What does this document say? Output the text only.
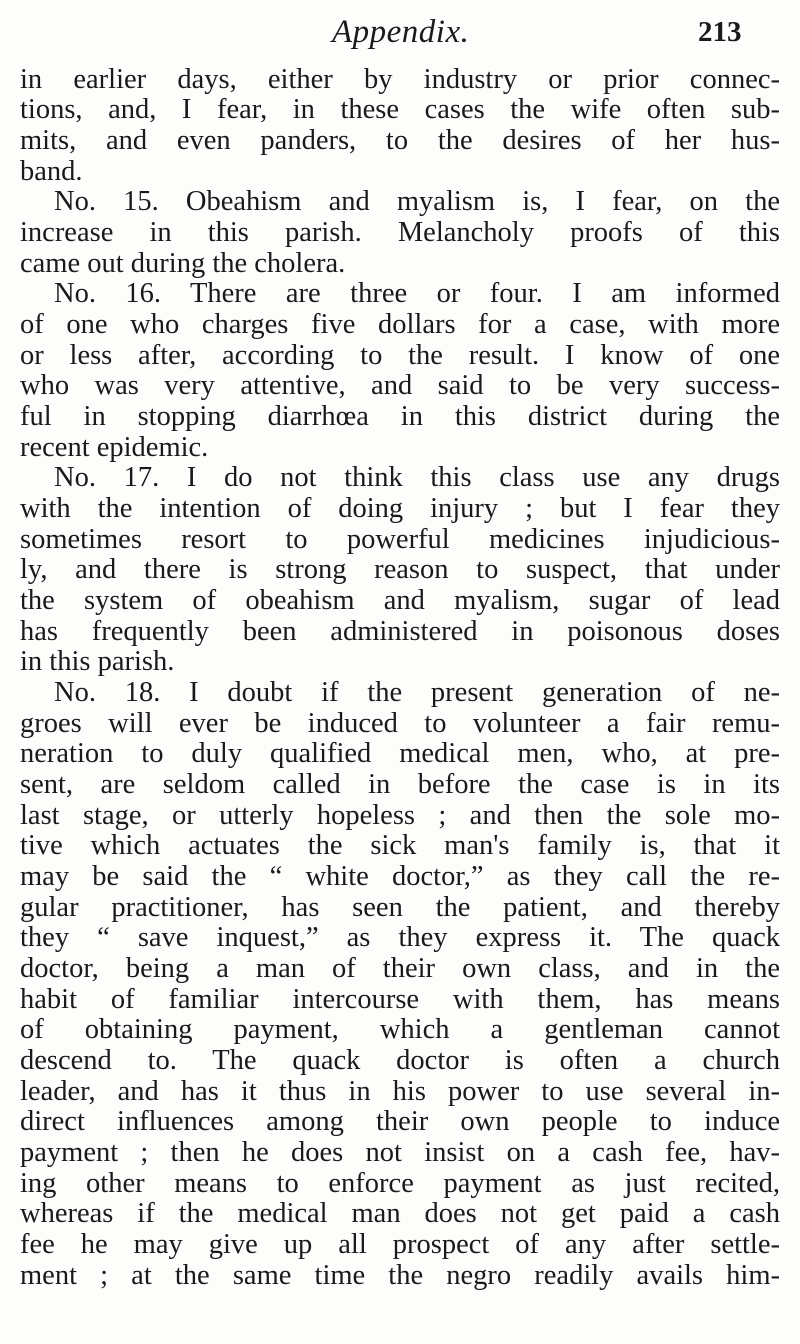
Appendix.	213
in earlier days, either by industry or prior connec-
tions, and, I fear, in these cases the wife often sub-
mits, and even panders, to the desires of her hus-
band.
No. 15. Obeahism and myalism is, I fear, on the
increase in this parish. Melancholy proofs of this
came out during the cholera.
No. 16. There are three or four. I am informed
of one who charges five dollars for a case, with more
or less after, according to the result. I know of one
who was very attentive, and said to be very success-
ful in stopping diarrhœa in this district during the
recent epidemic.
No. 17. I do not think this class use any drugs
with the intention of doing injury ; but I fear they
sometimes resort to powerful medicines injudicious-
ly, and there is strong reason to suspect, that under
the system of obeahism and myalism, sugar of lead
has frequently been administered in poisonous doses
in this parish.
No. 18. I doubt if the present generation of ne-
groes will ever be induced to volunteer a fair remu-
neration to duly qualified medical men, who, at pre-
sent, are seldom called in before the case is in its
last stage, or utterly hopeless ; and then the sole mo-
tive which actuates the sick man's family is, that it
may be said the “ white doctor,” as they call the re-
gular practitioner, has seen the patient, and thereby
they “ save inquest,” as they express it. The quack
doctor, being a man of their own class, and in the
habit of familiar intercourse with them, has means
of obtaining payment, which a gentleman cannot
descend to. The quack doctor is often a church
leader, and has it thus in his power to use several in-
direct influences among their own people to induce
payment ; then he does not insist on a cash fee, hav-
ing other means to enforce payment as just recited,
whereas if the medical man does not get paid a cash
fee he may give up all prospect of any after settle-
ment ; at the same time the negro readily avails him-
